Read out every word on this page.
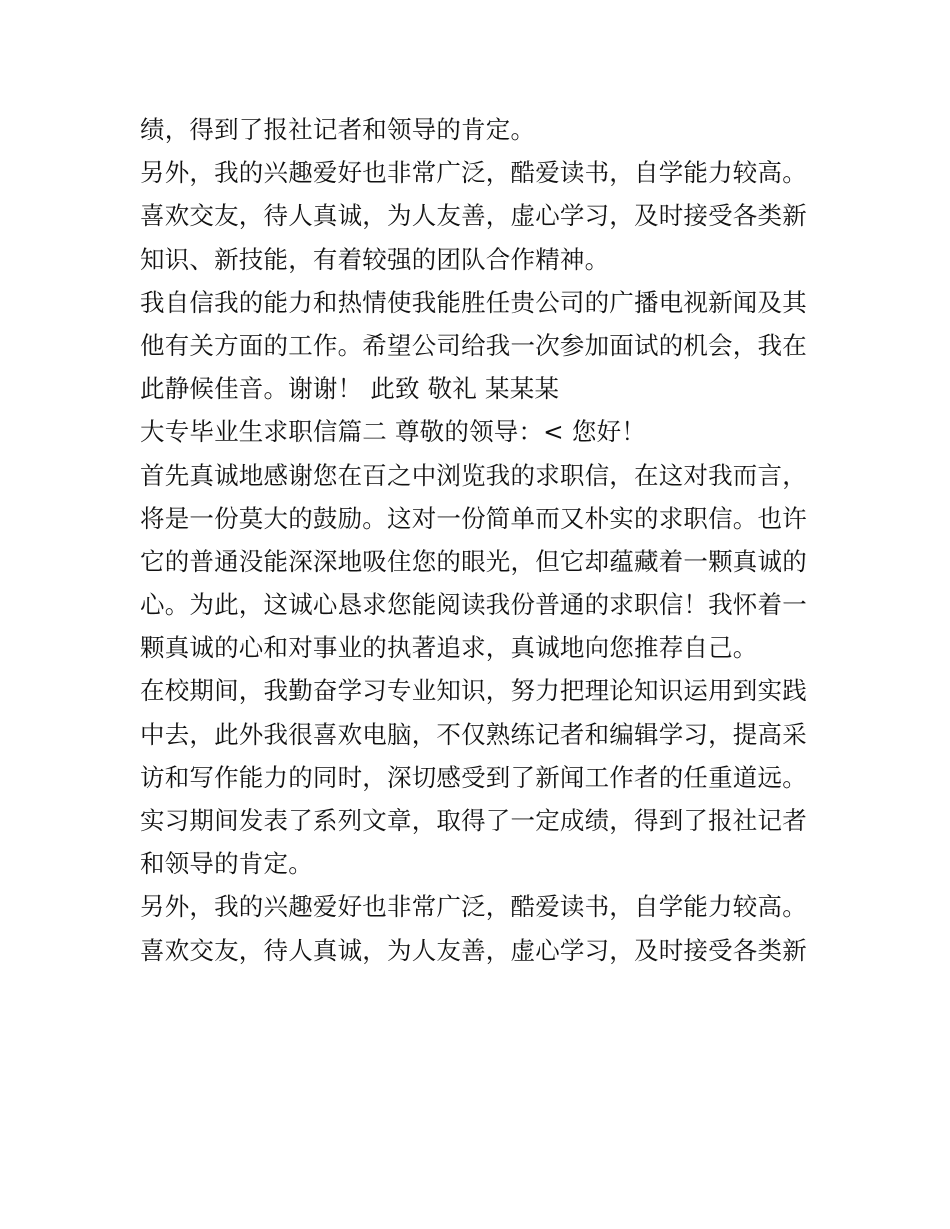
绩，得到了报社记者和领导的肯定。
另外，我的兴趣爱好也非常广泛，酷爱读书，自学能力较高。
喜欢交友，待人真诚，为人友善，虚心学习，及时接受各类新
知识、新技能，有着较强的团队合作精神。
我自信我的能力和热情使我能胜任贵公司的广播电视新闻及其
他有关方面的工作。希望公司给我一次参加面试的机会，我在
此静候佳音。谢谢！ 此致 敬礼 某某某
大专毕业生求职信篇二 尊敬的领导：< 您好！
首先真诚地感谢您在百之中浏览我的求职信，在这对我而言，
将是一份莫大的鼓励。这对一份简单而又朴实的求职信。也许
它的普通没能深深地吸住您的眼光，但它却蕴藏着一颗真诚的
心。为此，这诚心恳求您能阅读我份普通的求职信！我怀着一
颗真诚的心和对事业的执著追求，真诚地向您推荐自己。
在校期间，我勤奋学习专业知识，努力把理论知识运用到实践
中去，此外我很喜欢电脑，不仅熟练记者和编辑学习，提高采
访和写作能力的同时，深切感受到了新闻工作者的任重道远。
实习期间发表了系列文章，取得了一定成绩，得到了报社记者
和领导的肯定。
另外，我的兴趣爱好也非常广泛，酷爱读书，自学能力较高。
喜欢交友，待人真诚，为人友善，虚心学习，及时接受各类新
